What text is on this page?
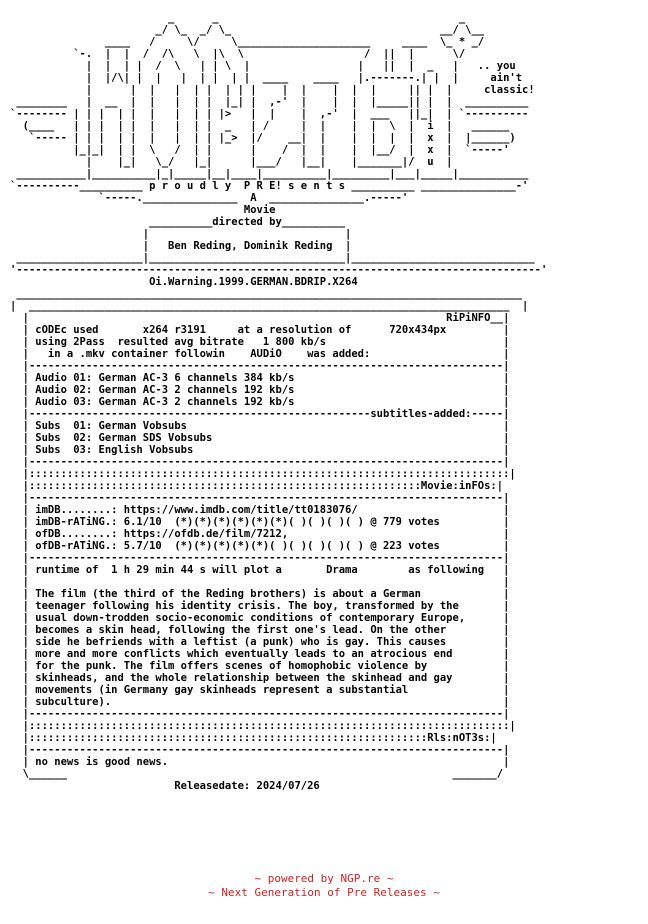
_      _                                      _
_/ \_  _/ \_                                 __/ \__
____   /     \/     \_____________________     ____  \_ * _/
`-.  |  |  /  /\   \  |\  \                   /  ||  |      \/
|  |  | |  /  \   | | \  |                 |   ||  |  _   |   .. you
|  |/\| |  |   |  | |  | |  ____    ____   |.-------.| |  |     ain't
|      |  |   |  | |  | | |    |  |    |  |  |     || |  |     classic!
________   |  __  |  |   |  | |  |_| |  ,-'  |    |  |  |_____|| |  |  __________
`-------- | | |  | |  |   |  | | |>   |  |    |  ,-'  |  ___   ||_|  | `----------
(____   | | |  | |  |   |  | |  _   | /     |  |    |  |  \  |  i  |   ______
`----- | | |  | |  |   |  | | |_>  |/    __|  |    |  |  |  |  x  |  |______)
|_|_|  | |  \   /  | |      |    /  |  |    |  |__/  |  x  |  `-----'
|    |_|   \_/   |_|      |___/   |__|    |_______|/  u  |
___________|__________|_|_____|__|____|__________|_________|___|_____|___________
`----------__________ p r o u d l y  P R E! s e n t s __________ _______________-'
`-----._______________  A  _______________.-----'
Movie
__________directed by__________
|                               |
|   Ben Reding, Dominik Reding  |
____________________|_______________________________|_____________________________
'-----------------------------------------------------------------------------------'
Oi.Warning.1999.GERMAN.BDRIP.X264
________________________________________________________________________________
|  ____________________________________________________________________________  |
|                                                                  RiPiNFO__|
| cODEc used       x264 r3191     at a resolution of      720x434px         |
| using 2Pass  resulted avg bitrate   1 800 kb/s                            |
|   in a .mkv container followin    AUDiO    was added:                     |
|---------------------------------------------------------------------------|
| Audio 01: German AC-3 6 channels 384 kb/s                                 |
| Audio 02: German AC-3 2 channels 192 kb/s                                 |
| Audio 03: German AC-3 2 channels 192 kb/s                                 |
|------------------------------------------------------subtitles-added:-----|
| Subs  01: German Vobsubs                                                  |
| Subs  02: German SDS Vobsubs                                              |
| Subs  03: English Vobsubs                                                 |
|---------------------------------------------------------------------------|
|::::::::::::::::::::::::::::::::::::::::::::::::::::::::::::::::::::::::::::|
|::::::::::::::::::::::::::::::::::::::::::::::::::::::::::::::Movie:inFOs:|
|---------------------------------------------------------------------------|
| imDB........: https://www.imdb.com/title/tt0183076/                       |
| imDB-rATiNG.: 6.1/10  (*)(*)(*)(*)(*)(*)( )( )( )( ) @ 779 votes          |
| ofDB........: https://ofdb.de/film/7212,                                  |
| ofDB-rATiNG.: 5.7/10  (*)(*)(*)(*)(*)( )( )( )( )( ) @ 223 votes          |
|---------------------------------------------------------------------------|
| runtime of  1 h 29 min 44 s will plot a       Drama        as following   |
|                                                                           |
| The film (the third of the Reding brothers) is about a German             |
| teenager following his identity crisis. The boy, transformed by the       |
| usual down-trodden socio-economic conditions of contemporary Europe,      |
| becomes a skin head, following the first one's lead. On the other         |
| side he befriends with a leftist (a punk) who is gay. This causes         |
| more and more conflicts which eventually leads to an atrocious end        |
| for the punk. The film offers scenes of homophobic violence by            |
| skinheads, and the whole relationship between the skinhead and gay        |
| movements (in Germany gay skinheads represent a substantial               |
| subculture).                                                              |
|---------------------------------------------------------------------------|
|::::::::::::::::::::::::::::::::::::::::::::::::::::::::::::::::::::::::::::|
|:::::::::::::::::::::::::::::::::::::::::::::::::::::::::::::::Rls:nOT3s:|
|---------------------------------------------------------------------------|
| no news is good news.                                                     |
\______                                                             _______/
Releasedate: 2024/07/26
~ powered by NGP.re ~
~ Next Generation of Pre Releases ~
